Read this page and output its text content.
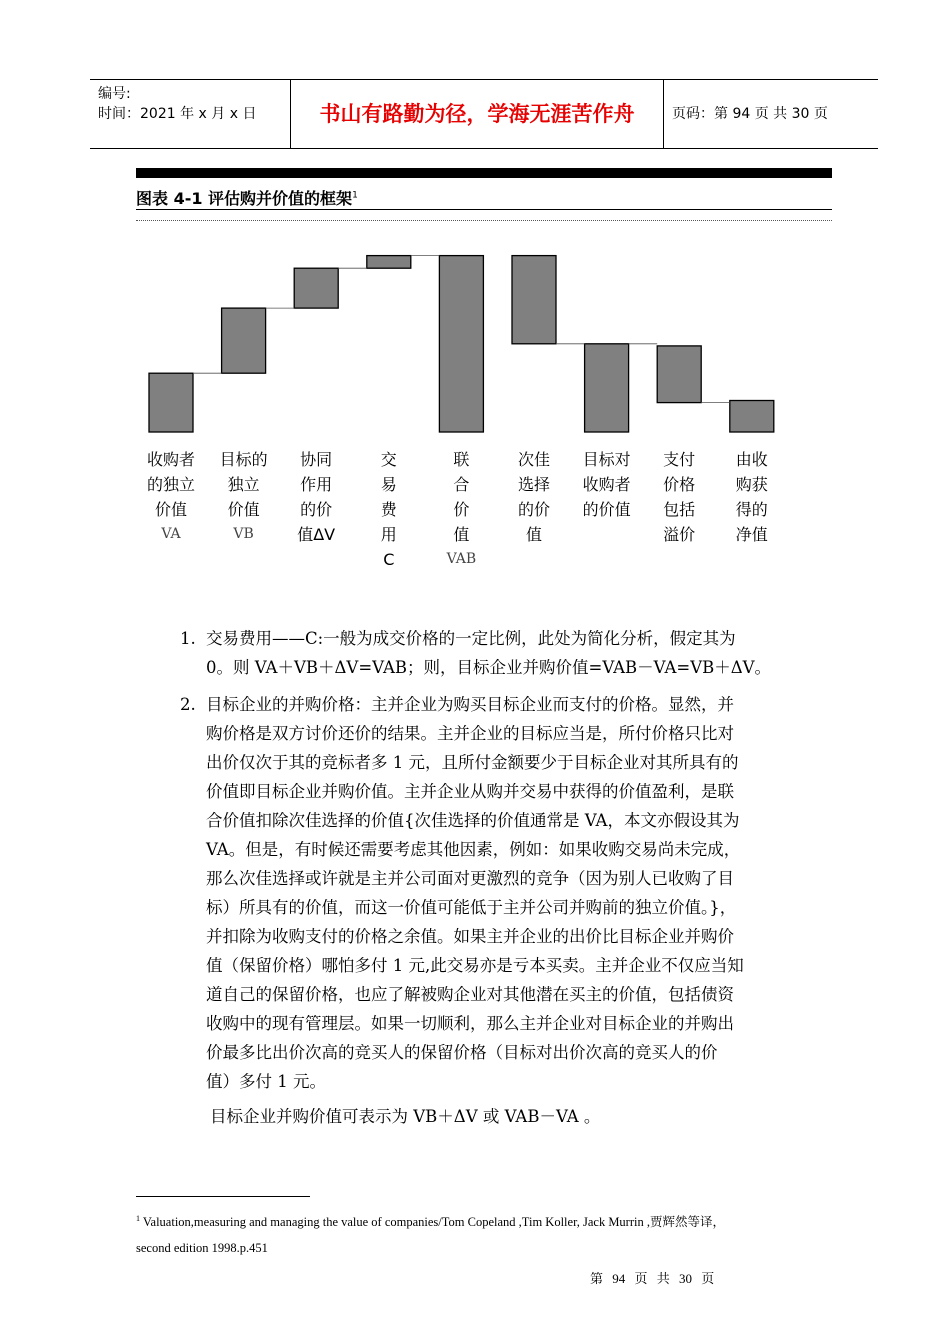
编号:
时间：2021 年 x 月 x 日	书山有路勤为径，学海无涯苦作舟	页码：第 94 页 共 30 页
图表 4-1 评估购并价值的框架$^1$
收购者
的独立
价值
VA
目标的
独立
价值
VB
协同
作用
的价
值ΔV
交
易
费
用
C
联
合
价
值
VAB
次佳
选择
的价
值
目标对
收购者
的价值
支付
价格
包括
溢价
由收
购获
得的
净值
1. 交易费用——C:一般为成交价格的一定比例，此处为简化分析，假定其为
0。则 VA＋VB＋ΔV=VAB；则，目标企业并购价值=VAB－VA=VB＋ΔV。
2. 目标企业的并购价格：主并企业为购买目标企业而支付的价格。显然，并
购价格是双方讨价还价的结果。主并企业的目标应当是，所付价格只比对
出价仅次于其的竞标者多 1 元，且所付金额要少于目标企业对其所具有的
价值即目标企业并购价值。主并企业从购并交易中获得的价值盈利，是联
合价值扣除次佳选择的价值{次佳选择的价值通常是 VA，本文亦假设其为
VA。但是，有时候还需要考虑其他因素，例如：如果收购交易尚未完成，
那么次佳选择或许就是主并公司面对更激烈的竞争（因为别人已收购了目
标）所具有的价值，而这一价值可能低于主并公司并购前的独立价值。}，
并扣除为收购支付的价格之余值。如果主并企业的出价比目标企业并购价
值（保留价格）哪怕多付 1 元,此交易亦是亏本买卖。主并企业不仅应当知
道自己的保留价格，也应了解被购企业对其他潜在买主的价值，包括债资
收购中的现有管理层。如果一切顺利，那么主并企业对目标企业的并购出
价最多比出价次高的竞买人的保留价格（目标对出价次高的竞买人的价
值）多付 1 元。
目标企业并购价值可表示为 VB＋ΔV 或 VAB－VA 。
$^1$ Valuation,measuring and managing the value of companies/Tom Copeland ,Tim Koller, Jack Murrin ,贾辉然等译，
second edition 1998.p.451
第 94 页 共 30 页
